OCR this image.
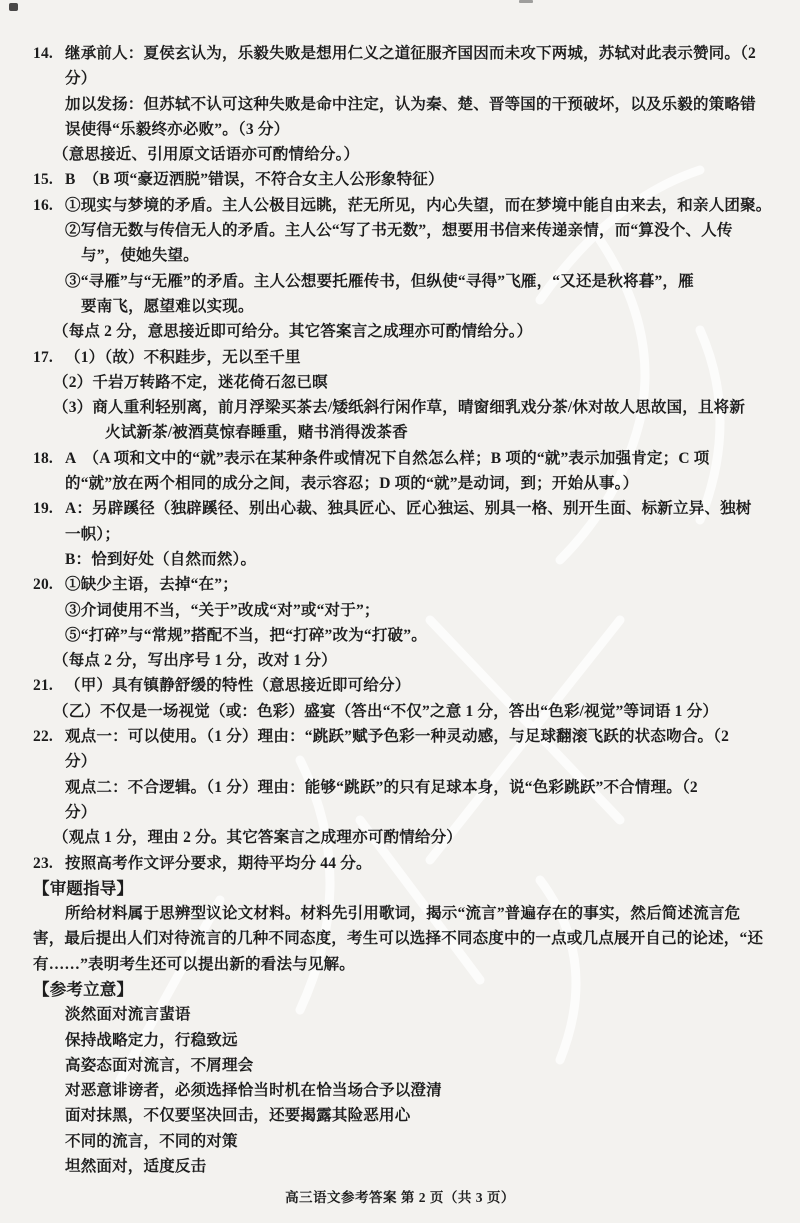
14. 继承前人：夏侯玄认为，乐毅失败是想用仁义之道征服齐国因而未攻下两城，苏轼对此表示赞同。（2
分）
加以发扬：但苏轼不认可这种失败是命中注定，认为秦、楚、晋等国的干预破坏，以及乐毅的策略错
误使得“乐毅终亦必败”。（3 分）
（意思接近、引用原文话语亦可酌情给分。）
15. B　（B 项“豪迈洒脱”错误，不符合女主人公形象特征）
16. ①现实与梦境的矛盾。主人公极目远眺，茫无所见，内心失望，而在梦境中能自由来去，和亲人团聚。
②写信无数与传信无人的矛盾。主人公“写了书无数”，想要用书信来传递亲情，而“算没个、人传
与”，使她失望。
③“寻雁”与“无雁”的矛盾。主人公想要托雁传书，但纵使“寻得”飞雁，“又还是秋将暮”，雁
要南飞，愿望难以实现。
（每点 2 分，意思接近即可给分。其它答案言之成理亦可酌情给分。）
17. （1）（故）不积跬步，无以至千里
（2）千岩万转路不定，迷花倚石忽已暝
（3）商人重利轻别离，前月浮梁买茶去/矮纸斜行闲作草，晴窗细乳戏分茶/休对故人思故国，且将新
火试新茶/被酒莫惊春睡重，赌书消得泼茶香
18. A　（A 项和文中的“就”表示在某种条件或情况下自然怎么样；B 项的“就”表示加强肯定；C 项
的“就”放在两个相同的成分之间，表示容忍；D 项的“就”是动词，到；开始从事。）
19. A：另辟蹊径（独辟蹊径、别出心裁、独具匠心、匠心独运、别具一格、别开生面、标新立异、独树
一帜）；
B：恰到好处（自然而然）。
20. ①缺少主语，去掉“在”；
③介词使用不当，“关于”改成“对”或“对于”；
⑤“打碎”与“常规”搭配不当，把“打碎”改为“打破”。
（每点 2 分，写出序号 1 分，改对 1 分）
21. （甲）具有镇静舒缓的特性（意思接近即可给分）
（乙）不仅是一场视觉（或：色彩）盛宴（答出“不仅”之意 1 分，答出“色彩/视觉”等词语 1 分）
22. 观点一：可以使用。（1 分）理由：“跳跃”赋予色彩一种灵动感，与足球翻滚飞跃的状态吻合。（2
分）
观点二：不合逻辑。（1 分）理由：能够“跳跃”的只有足球本身，说“色彩跳跃”不合情理。（2
分）
（观点 1 分，理由 2 分。其它答案言之成理亦可酌情给分）
23. 按照高考作文评分要求，期待平均分 44 分。
【审题指导】
所给材料属于思辨型议论文材料。材料先引用歌词，揭示“流言”普遍存在的事实，然后简述流言危
害，最后提出人们对待流言的几种不同态度，考生可以选择不同态度中的一点或几点展开自己的论述，“还
有……”表明考生还可以提出新的看法与见解。
【参考立意】
淡然面对流言蜚语
保持战略定力，行稳致远
高姿态面对流言，不屑理会
对恶意诽谤者，必须选择恰当时机在恰当场合予以澄清
面对抹黑，不仅要坚决回击，还要揭露其险恶用心
不同的流言，不同的对策
坦然面对，适度反击
高三语文参考答案 第 2 页（共 3 页）
